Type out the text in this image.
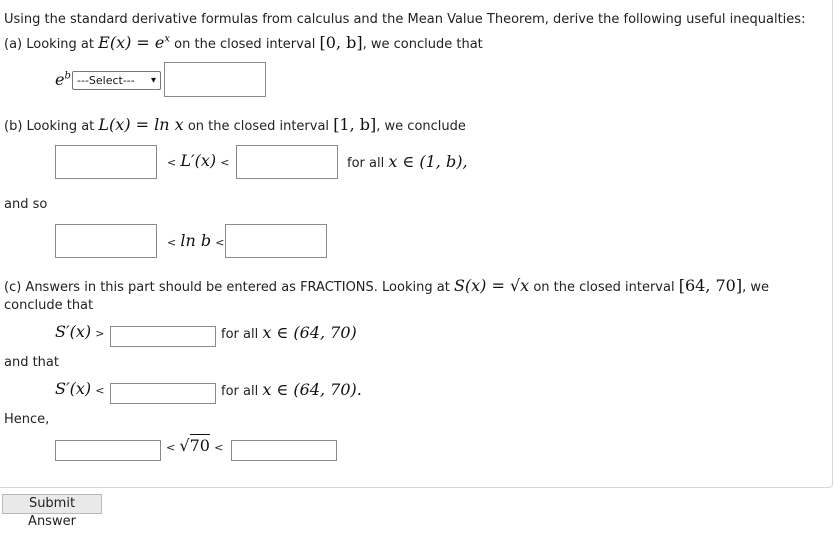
Using the standard derivative formulas from calculus and the Mean Value Theorem, derive the following useful inequalties:
(a) Looking at $E(x) = e^x$ on the closed interval [0, b], we conclude that
$e^b$ ---Select--- ▾
(b) Looking at L(x) = ln x on the closed interval [1, b], we conclude
< L′(x) <	for all x ∈ (1, b),
and so
< ln b <
(c) Answers in this part should be entered as FRACTIONS. Looking at S(x) = √x on the closed interval [64, 70], we
conclude that
S′(x) >	for all x ∈ (64, 70)
and that
S′(x) <	for all x ∈ (64, 70).
Hence,
< √70 <
Submit Answer
